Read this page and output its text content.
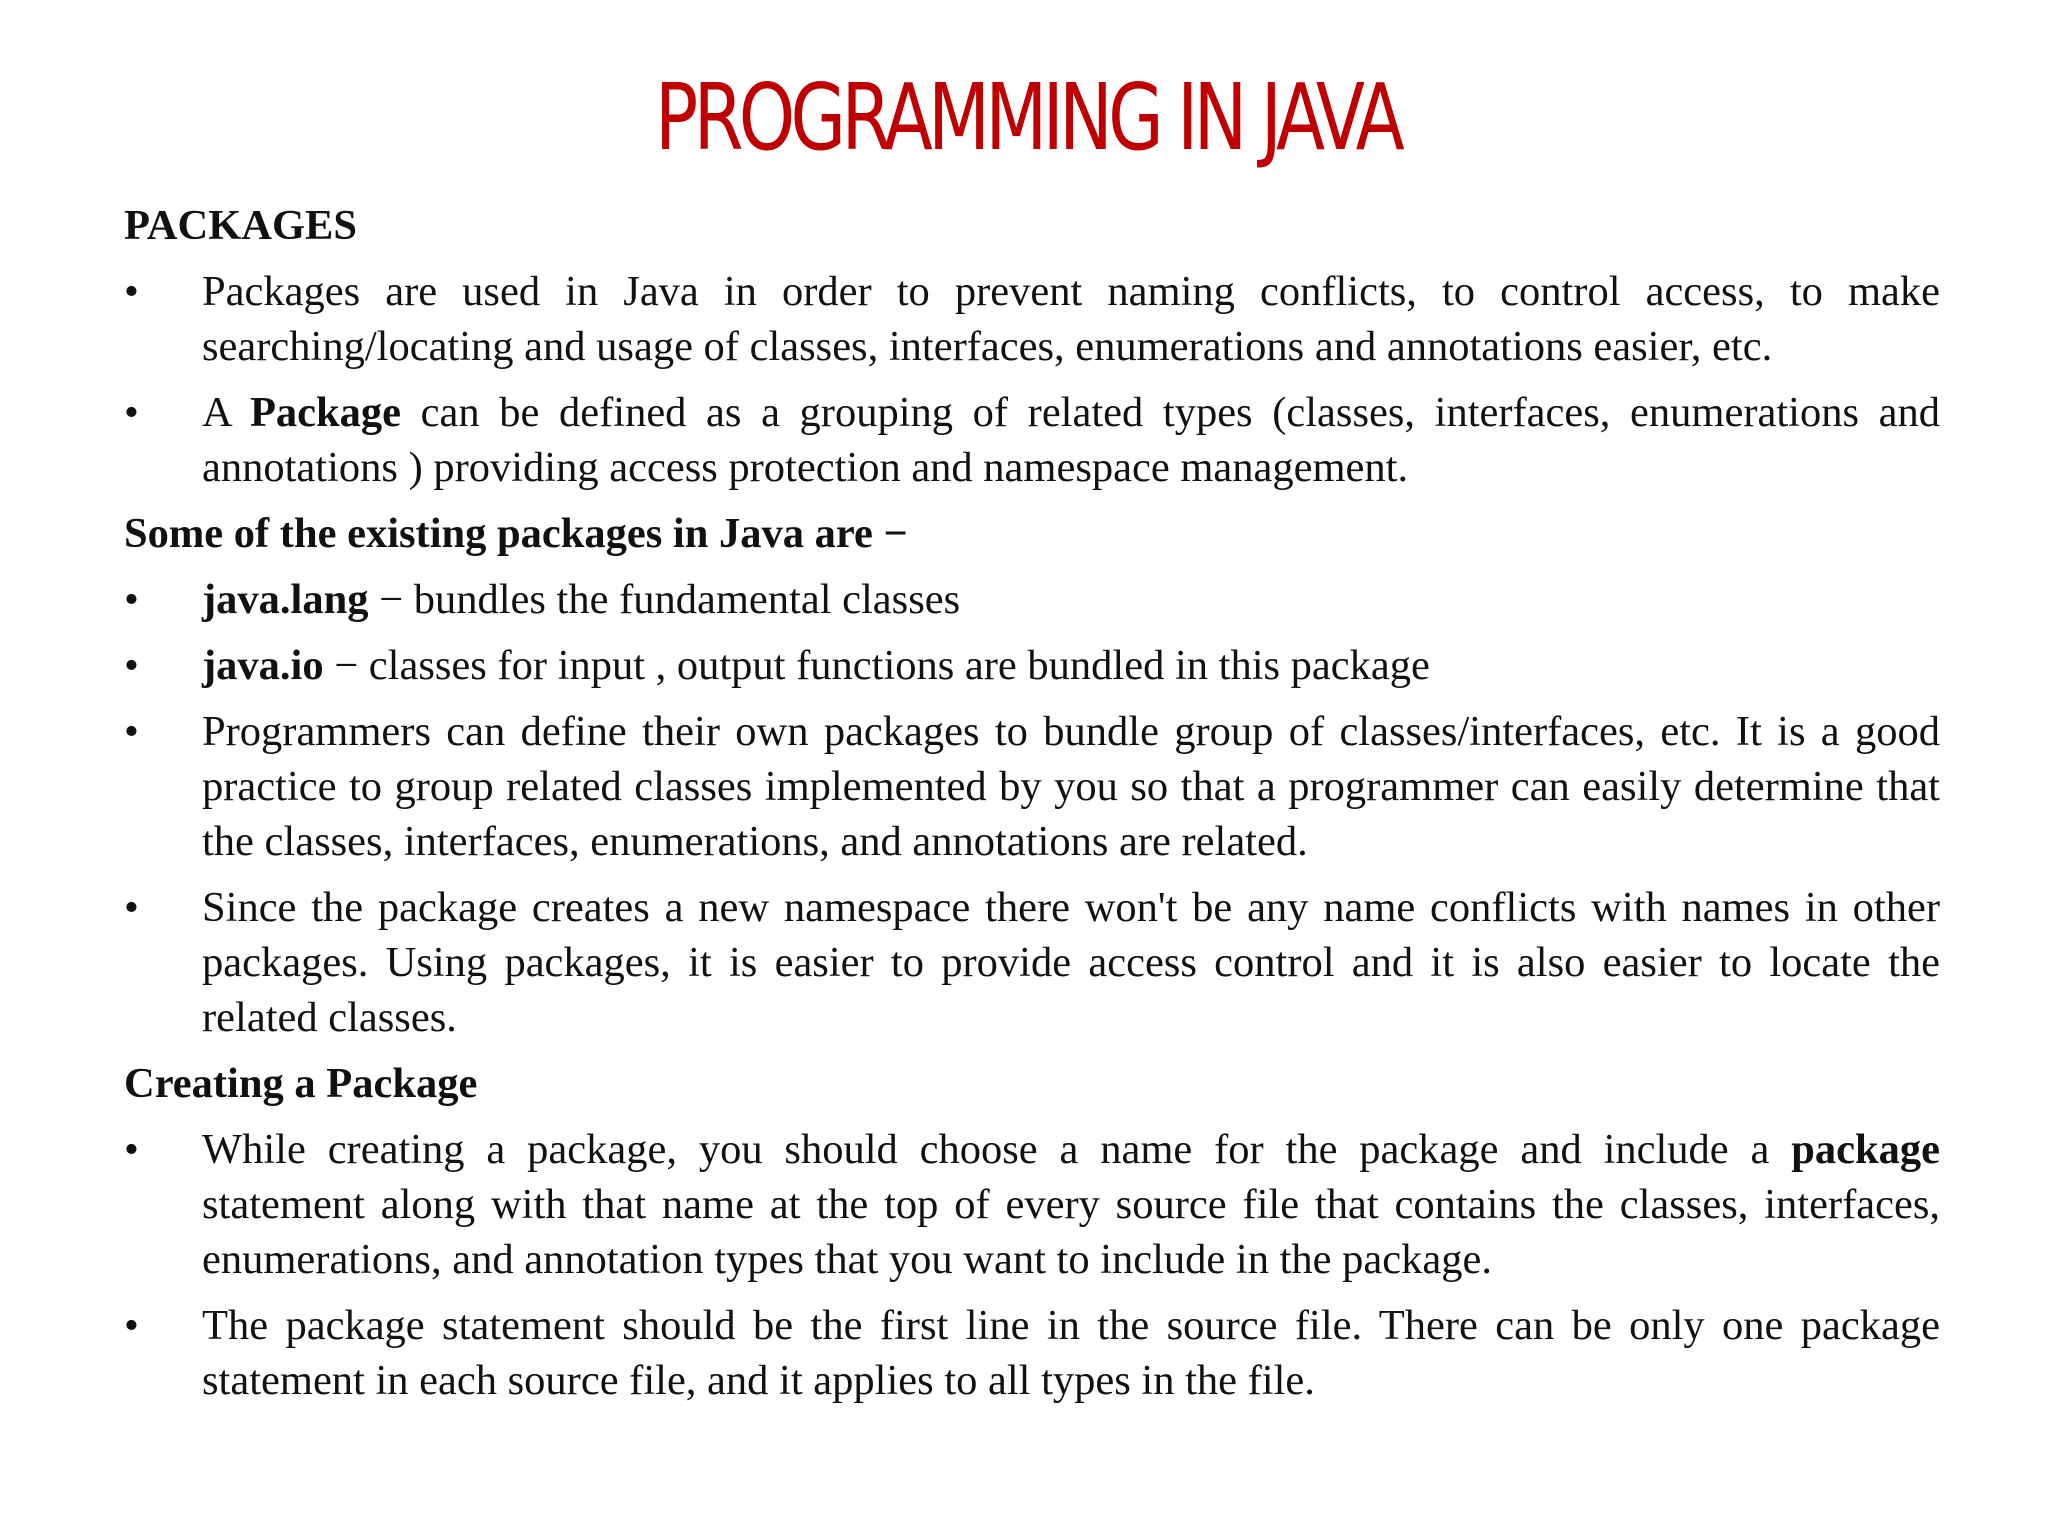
PROGRAMMING IN JAVA
PACKAGES
• Packages are used in Java in order to prevent naming conflicts, to control access, to make searching/locating and usage of classes, interfaces, enumerations and annotations easier, etc.
• A Package can be defined as a grouping of related types (classes, interfaces, enumerations and annotations ) providing access protection and namespace management.
Some of the existing packages in Java are −
• java.lang − bundles the fundamental classes
• java.io − classes for input , output functions are bundled in this package
• Programmers can define their own packages to bundle group of classes/interfaces, etc. It is a good practice to group related classes implemented by you so that a programmer can easily determine that the classes, interfaces, enumerations, and annotations are related.
• Since the package creates a new namespace there won't be any name conflicts with names in other packages. Using packages, it is easier to provide access control and it is also easier to locate the related classes.
Creating a Package
• While creating a package, you should choose a name for the package and include a package statement along with that name at the top of every source file that contains the classes, interfaces, enumerations, and annotation types that you want to include in the package.
• The package statement should be the first line in the source file. There can be only one package statement in each source file, and it applies to all types in the file.
